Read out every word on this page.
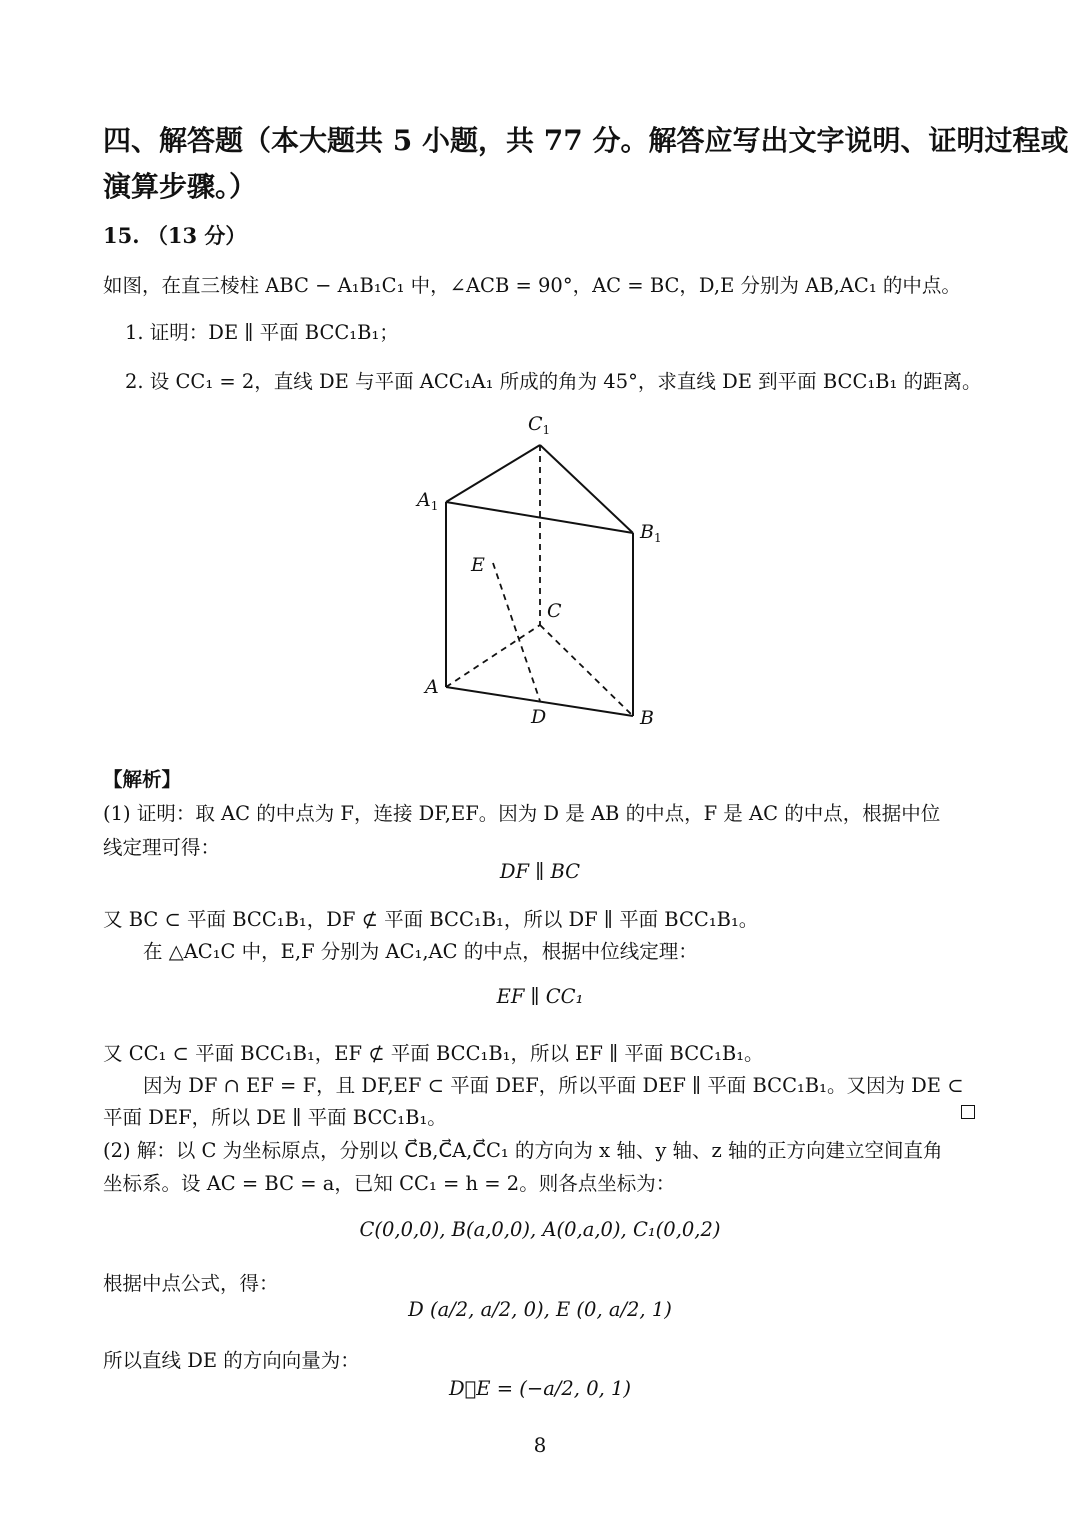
四、解答题（本大题共 5 小题，共 77 分。解答应写出文字说明、证明过程或
演算步骤。）
15. （13 分）
如图，在直三棱柱 ABC − A₁B₁C₁ 中，∠ACB = 90°，AC = BC，D,E 分别为 AB,AC₁ 的中点。
1. 证明：DE ∥ 平面 BCC₁B₁；
2. 设 CC₁ = 2，直线 DE 与平面 ACC₁A₁ 所成的角为 45°，求直线 DE 到平面 BCC₁B₁ 的距离。
$C_1$
$A_1$
$B_1$
E
C
A
D	B
【解析】
(1) 证明：取 AC 的中点为 F，连接 DF,EF。因为 D 是 AB 的中点，F 是 AC 的中点，根据中位
线定理可得：
DF ∥ BC
又 BC ⊂ 平面 BCC₁B₁，DF ⊄ 平面 BCC₁B₁，所以 DF ∥ 平面 BCC₁B₁。
在 △AC₁C 中，E,F 分别为 AC₁,AC 的中点，根据中位线定理：
EF ∥ CC₁
又 CC₁ ⊂ 平面 BCC₁B₁，EF ⊄ 平面 BCC₁B₁，所以 EF ∥ 平面 BCC₁B₁。
因为 DF ∩ EF = F，且 DF,EF ⊂ 平面 DEF，所以平面 DEF ∥ 平面 BCC₁B₁。又因为 DE ⊂
平面 DEF，所以 DE ∥ 平面 BCC₁B₁。
(2) 解：以 C 为坐标原点，分别以 C⃗B,C⃗A,C⃗C₁ 的方向为 x 轴、y 轴、z 轴的正方向建立空间直角
坐标系。设 AC = BC = a，已知 CC₁ = h = 2。则各点坐标为：
C(0,0,0), B(a,0,0), A(0,a,0), C₁(0,0,2)
根据中点公式，得：
D (a/2, a/2, 0), E (0, a/2, 1)
所以直线 DE 的方向向量为：
D⃗E = (−a/2, 0, 1)
8
